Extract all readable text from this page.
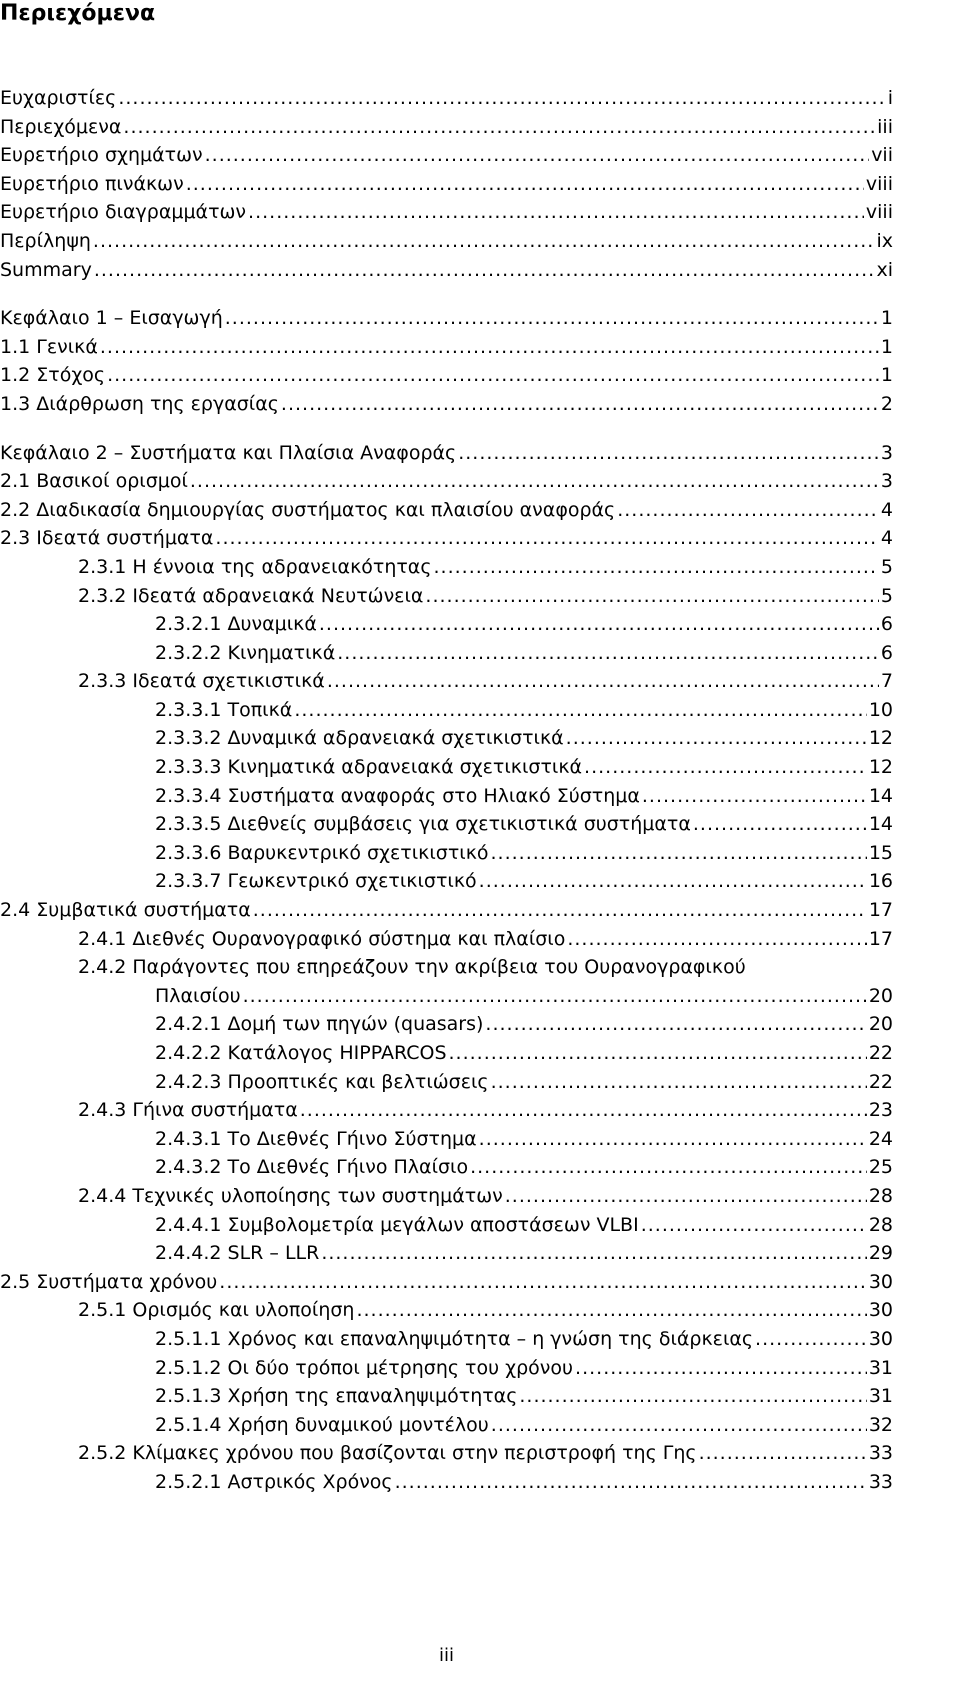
Περιεχόμενα
Ευχαριστίες .....	i
Περιεχόμενα .....	iii
Ευρετήριο σχημάτων .....	vii
Ευρετήριο πινάκων .....	viii
Ευρετήριο διαγραμμάτων .....	viii
Περίληψη .....	ix
Summary .....	xi
Κεφάλαιο 1 – Εισαγωγή .....	1
1.1 Γενικά .....	1
1.2 Στόχος .....	1
1.3 Διάρθρωση της εργασίας .....	2
Κεφάλαιο 2 – Συστήματα και Πλαίσια Αναφοράς .....	3
2.1 Βασικοί ορισμοί .....	3
2.2 Διαδικασία δημιουργίας συστήματος και πλαισίου αναφοράς .....	4
2.3 Ιδεατά συστήματα .....	4
2.3.1 Η έννοια της αδρανειακότητας .....	5
2.3.2 Ιδεατά αδρανειακά Νευτώνεια .....	5
2.3.2.1 Δυναμικά .....	6
2.3.2.2 Κινηματικά .....	6
2.3.3 Ιδεατά σχετικιστικά .....	7
2.3.3.1 Τοπικά .....	10
2.3.3.2 Δυναμικά αδρανειακά σχετικιστικά .....	12
2.3.3.3 Κινηματικά αδρανειακά σχετικιστικά .....	12
2.3.3.4 Συστήματα αναφοράς στο Ηλιακό Σύστημα .....	14
2.3.3.5 Διεθνείς συμβάσεις για σχετικιστικά συστήματα .....	14
2.3.3.6 Βαρυκεντρικό σχετικιστικό .....	15
2.3.3.7 Γεωκεντρικό σχετικιστικό .....	16
2.4 Συμβατικά συστήματα .....	17
2.4.1 Διεθνές Ουρανογραφικό σύστημα και πλαίσιο .....	17
2.4.2 Παράγοντες που επηρεάζουν την ακρίβεια του Ουρανογραφικού
Πλαισίου .....	20
2.4.2.1 Δομή των πηγών (quasars) .....	20
2.4.2.2 Κατάλογος HIPPARCOS .....	22
2.4.2.3 Προοπτικές και βελτιώσεις .....	22
2.4.3 Γήινα συστήματα .....	23
2.4.3.1 Το Διεθνές Γήινο Σύστημα .....	24
2.4.3.2 Το Διεθνές Γήινο Πλαίσιο .....	25
2.4.4 Τεχνικές υλοποίησης των συστημάτων .....	28
2.4.4.1 Συμβολομετρία μεγάλων αποστάσεων VLBI .....	28
2.4.4.2 SLR – LLR .....	29
2.5 Συστήματα χρόνου .....	30
2.5.1 Ορισμός και υλοποίηση .....	30
2.5.1.1 Χρόνος και επαναληψιμότητα – η γνώση της διάρκειας .....	30
2.5.1.2 Οι δύο τρόποι μέτρησης του χρόνου .....	31
2.5.1.3 Χρήση της επαναληψιμότητας .....	31
2.5.1.4 Χρήση δυναμικού μοντέλου .....	32
2.5.2 Κλίμακες χρόνου που βασίζονται στην περιστροφή της Γης .....	33
2.5.2.1 Αστρικός Χρόνος .....	33
iii
